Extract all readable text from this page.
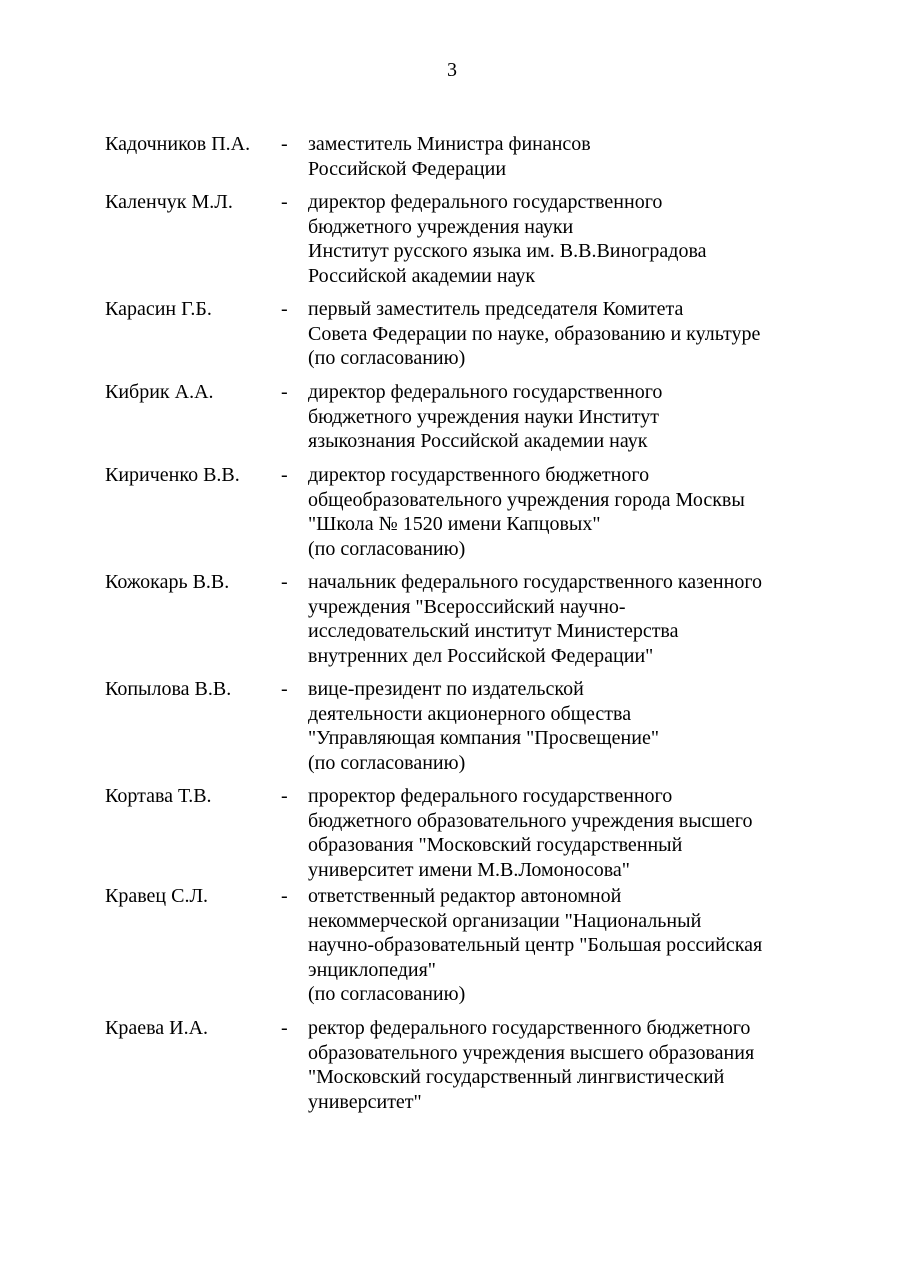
3
Кадочников П.А. - заместитель Министра финансов
Российской Федерации
Каленчук М.Л. - директор федерального государственного
бюджетного учреждения науки
Институт русского языка им. В.В.Виноградова
Российской академии наук
Карасин Г.Б.	- первый заместитель председателя Комитета
Совета Федерации по науке, образованию и культуре
(по согласованию)
Кибрик А.А.	- директор федерального государственного
бюджетного учреждения науки Институт
языкознания Российской академии наук
Кириченко В.В. - директор государственного бюджетного
общеобразовательного учреждения города Москвы
"Школа № 1520 имени Капцовых"
(по согласованию)
Кожокарь В.В.	- начальник федерального государственного казенного
учреждения "Всероссийский научно-
исследовательский институт Министерства
внутренних дел Российской Федерации"
Копылова В.В. - вице-президент по издательской
деятельности акционерного общества
"Управляющая компания "Просвещение"
(по согласованию)
Кортава Т.В.	- проректор федерального государственного
бюджетного образовательного учреждения высшего
образования "Московский государственный
университет имени М.В.Ломоносова"
Кравец С.Л.	- ответственный редактор автономной
некоммерческой организации "Национальный
научно-образовательный центр "Большая российская
энциклопедия"
(по согласованию)
Краева И.А.	- ректор федерального государственного бюджетного
образовательного учреждения высшего образования
"Московский государственный лингвистический
университет"
